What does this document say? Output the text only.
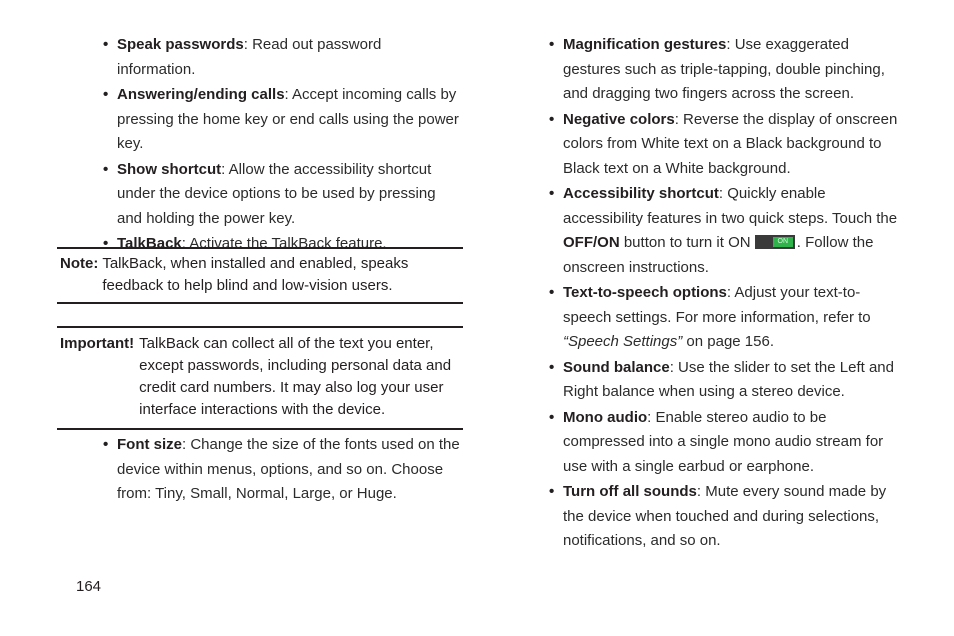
• Speak passwords: Read out password information.
• Answering/ending calls: Accept incoming calls by pressing the home key or end calls using the power key.
• Show shortcut: Allow the accessibility shortcut under the device options to be used by pressing and holding the power key.
• TalkBack: Activate the TalkBack feature.
Note: TalkBack, when installed and enabled, speaks feedback to help blind and low-vision users.
Important! TalkBack can collect all of the text you enter, except passwords, including personal data and credit card numbers. It may also log your user interface interactions with the device.
• Font size: Change the size of the fonts used on the device within menus, options, and so on. Choose from: Tiny, Small, Normal, Large, or Huge.
• Magnification gestures: Use exaggerated gestures such as triple-tapping, double pinching, and dragging two fingers across the screen.
• Negative colors: Reverse the display of onscreen colors from White text on a Black background to Black text on a White background.
• Accessibility shortcut: Quickly enable accessibility features in two quick steps. Touch the OFF/ON button to turn it ON	ON . Follow the onscreen instructions.
• Text-to-speech options: Adjust your text-to-speech settings. For more information, refer to “Speech Settings” on page 156.
• Sound balance: Use the slider to set the Left and Right balance when using a stereo device.
• Mono audio: Enable stereo audio to be compressed into a single mono audio stream for use with a single earbud or earphone.
• Turn off all sounds: Mute every sound made by the device when touched and during selections, notifications, and so on.
164
